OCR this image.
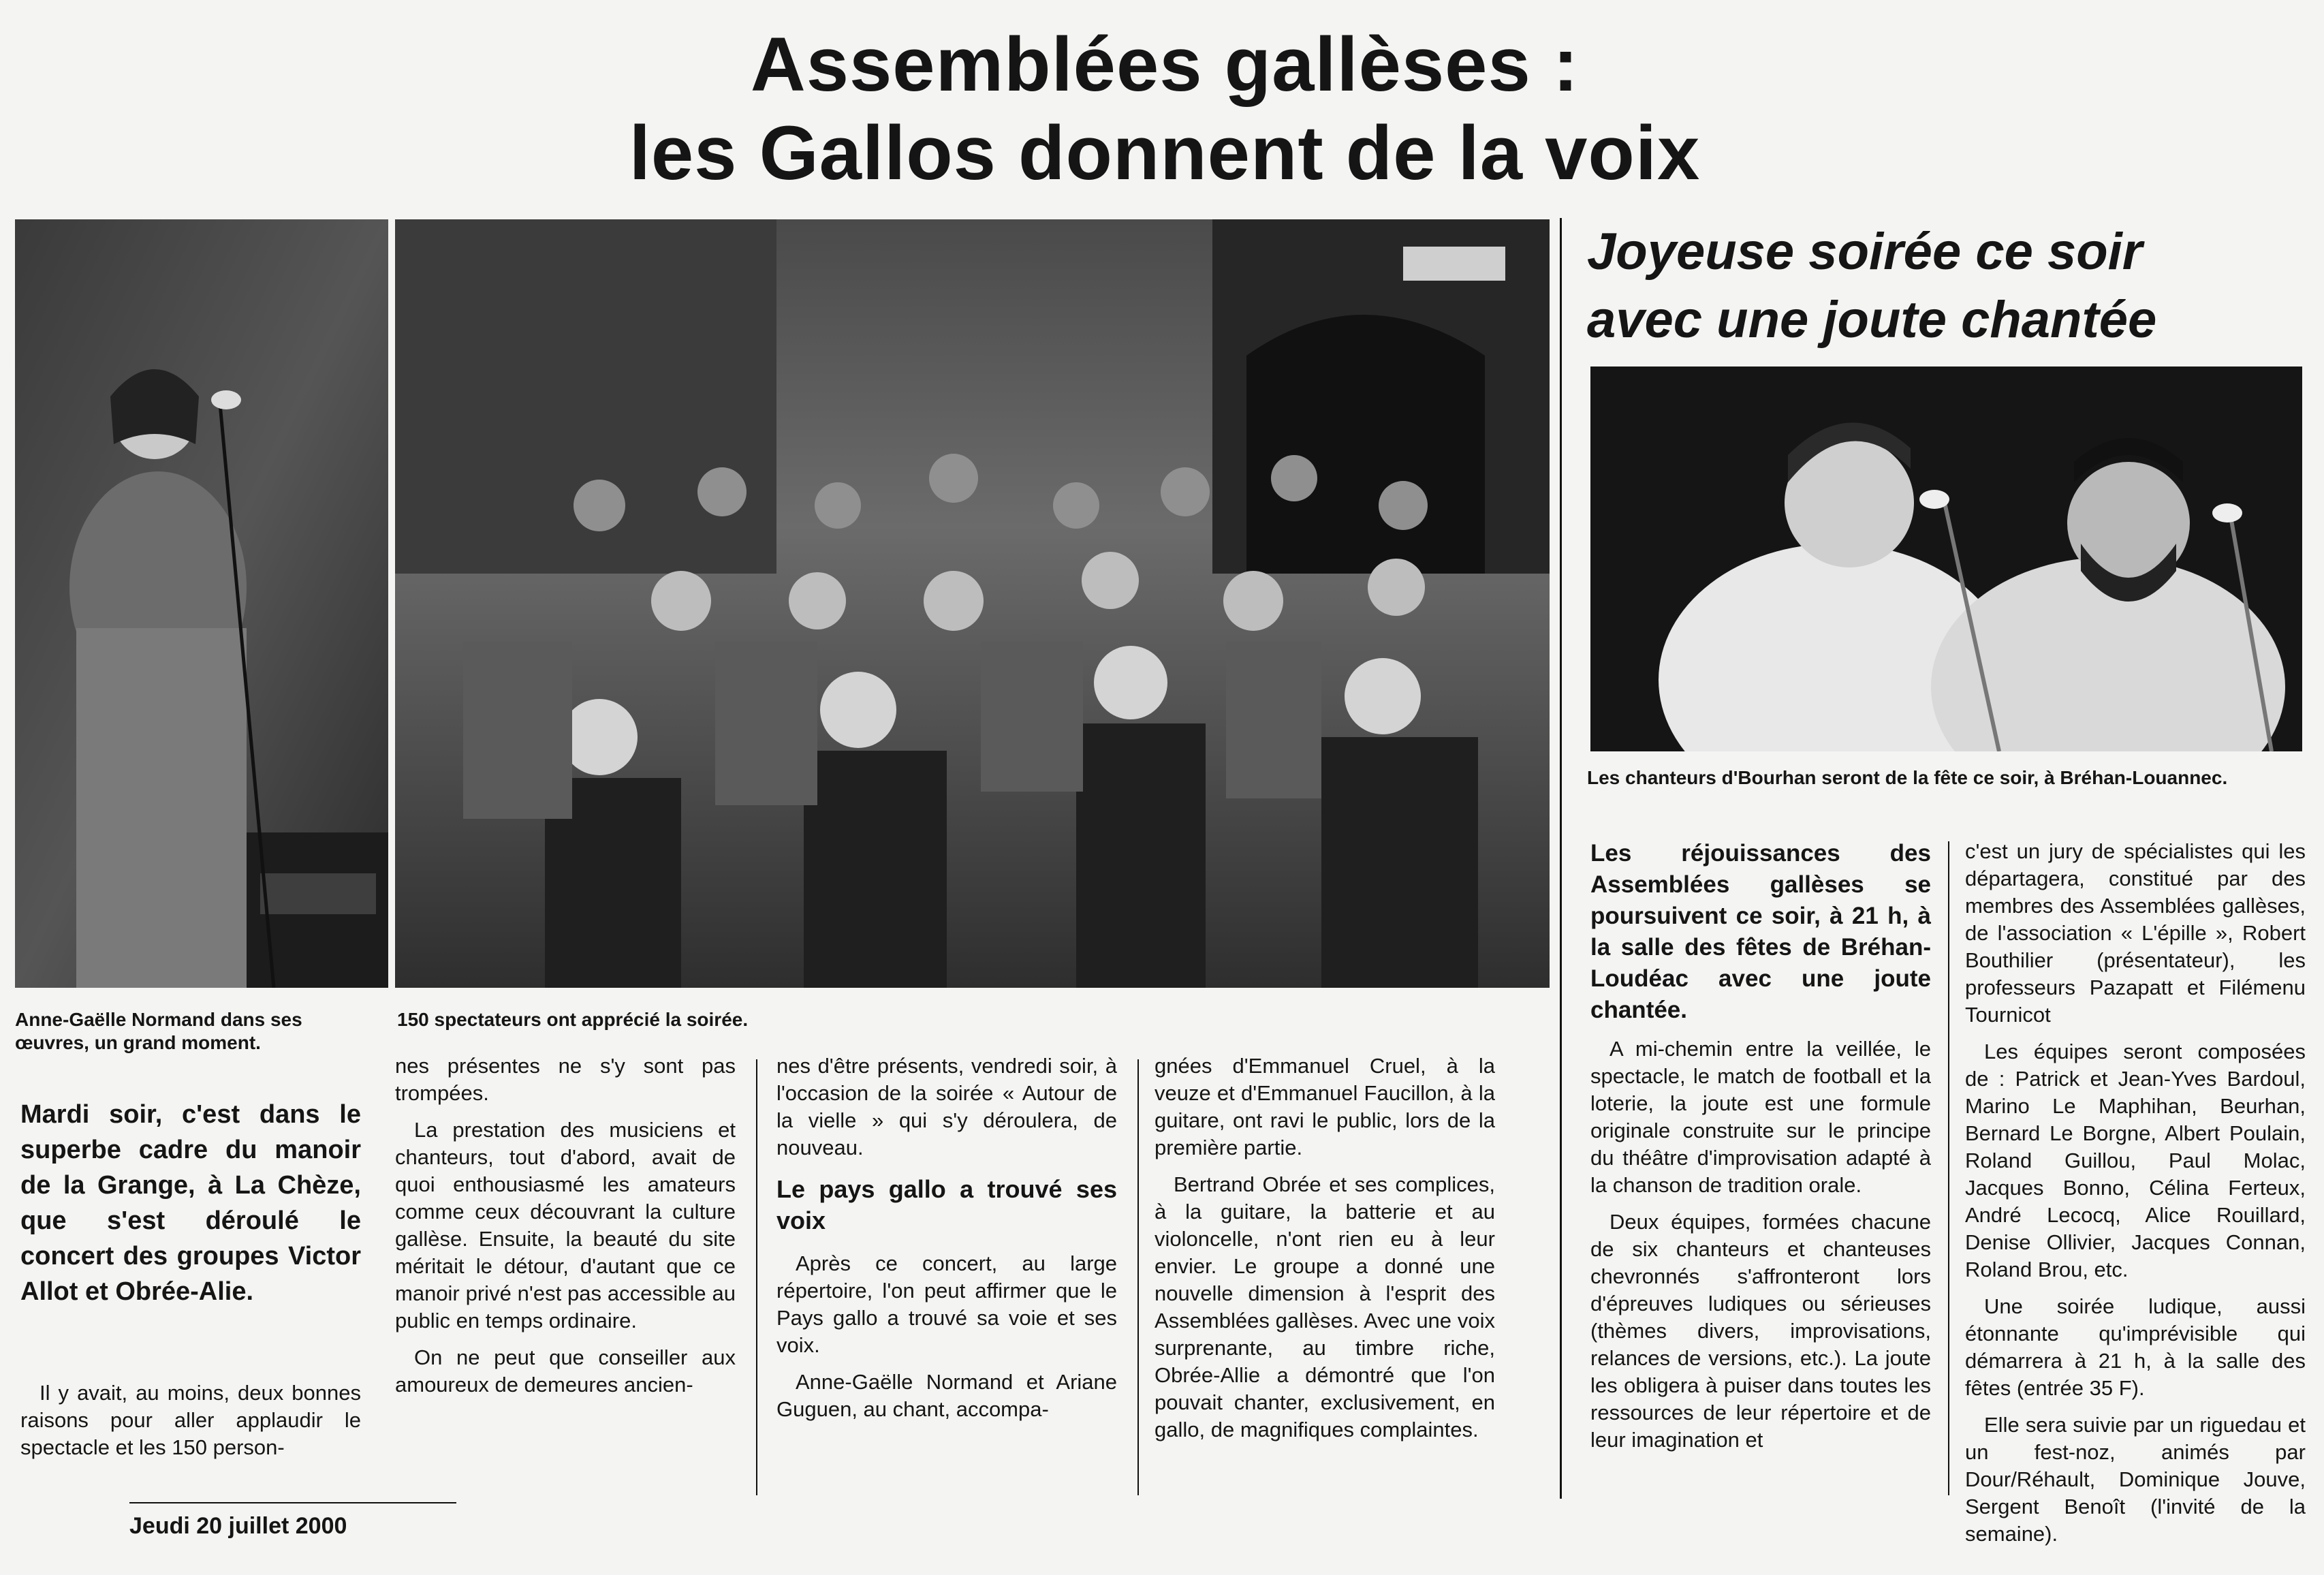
Assemblées gallèses :
les Gallos donnent de la voix
Anne-Gaëlle Normand dans ses œuvres, un grand moment.
150 spectateurs ont apprécié la soirée.
Joyeuse soirée ce soir
avec une joute chantée
Les chanteurs d'Bourhan seront de la fête ce soir, à Bréhan-Louannec.
Mardi soir, c'est dans le superbe cadre du manoir de la Grange, à La Chèze, que s'est déroulé le concert des groupes Victor Allot et Obrée-Alie.

Il y avait, au moins, deux bonnes raisons pour aller applaudir le spectacle et les 150 person-

nes présentes ne s'y sont pas trompées.

La prestation des musiciens et chanteurs, tout d'abord, avait de quoi enthousiasmé les amateurs comme ceux découvrant la culture gallèse. Ensuite, la beauté du site méritait le détour, d'autant que ce manoir privé n'est pas accessible au public en temps ordinaire.

On ne peut que conseiller aux amoureux de demeures ancien-

nes d'être présents, vendredi soir, à l'occasion de la soirée « Autour de la vielle » qui s'y déroulera, de nouveau.

Le pays gallo a trouvé ses voix

Après ce concert, au large répertoire, l'on peut affirmer que le Pays gallo a trouvé sa voie et ses voix.

Anne-Gaëlle Normand et Ariane Guguen, au chant, accompa-

gnées d'Emmanuel Cruel, à la veuze et d'Emmanuel Faucillon, à la guitare, ont ravi le public, lors de la première partie.

Bertrand Obrée et ses complices, à la guitare, la batterie et au violoncelle, n'ont rien eu à leur envier. Le groupe a donné une nouvelle dimension à l'esprit des Assemblées gallèses. Avec une voix surprenante, au timbre riche, Obrée-Allie a démontré que l'on pouvait chanter, exclusivement, en gallo, de magnifiques complaintes.

Les réjouissances des Assemblées gallèses se poursuivent ce soir, à 21 h, à la salle des fêtes de Bréhan-Loudéac avec une joute chantée.

A mi-chemin entre la veillée, le spectacle, le match de football et la loterie, la joute est une formule originale construite sur le principe du théâtre d'improvisation adapté à la chanson de tradition orale.

Deux équipes, formées chacune de six chanteurs et chanteuses chevronnés s'affronteront lors d'épreuves ludiques ou sérieuses (thèmes divers, improvisations, relances de versions, etc.). La joute les obligera à puiser dans toutes les ressources de leur répertoire et de leur imagination et

c'est un jury de spécialistes qui les départagera, constitué par des membres des Assemblées gallèses, de l'association « L'épille », Robert Bouthilier (présentateur), les professeurs Pazapatt et Filémenu Tournicot

Les équipes seront composées de : Patrick et Jean-Yves Bardoul, Marino Le Maphihan, Beurhan, Bernard Le Borgne, Albert Poulain, Roland Guillou, Paul Molac, Jacques Bonno, Célina Ferteux, André Lecocq, Alice Rouillard, Denise Ollivier, Jacques Connan, Roland Brou, etc.

Une soirée ludique, aussi étonnante qu'imprévisible qui démarrera à 21 h, à la salle des fêtes (entrée 35 F).

Elle sera suivie par un riguedau et un fest-noz, animés par Dour/Réhault, Dominique Jouve, Sergent Benoît (l'invité de la semaine).

Jeudi 20 juillet 2000
